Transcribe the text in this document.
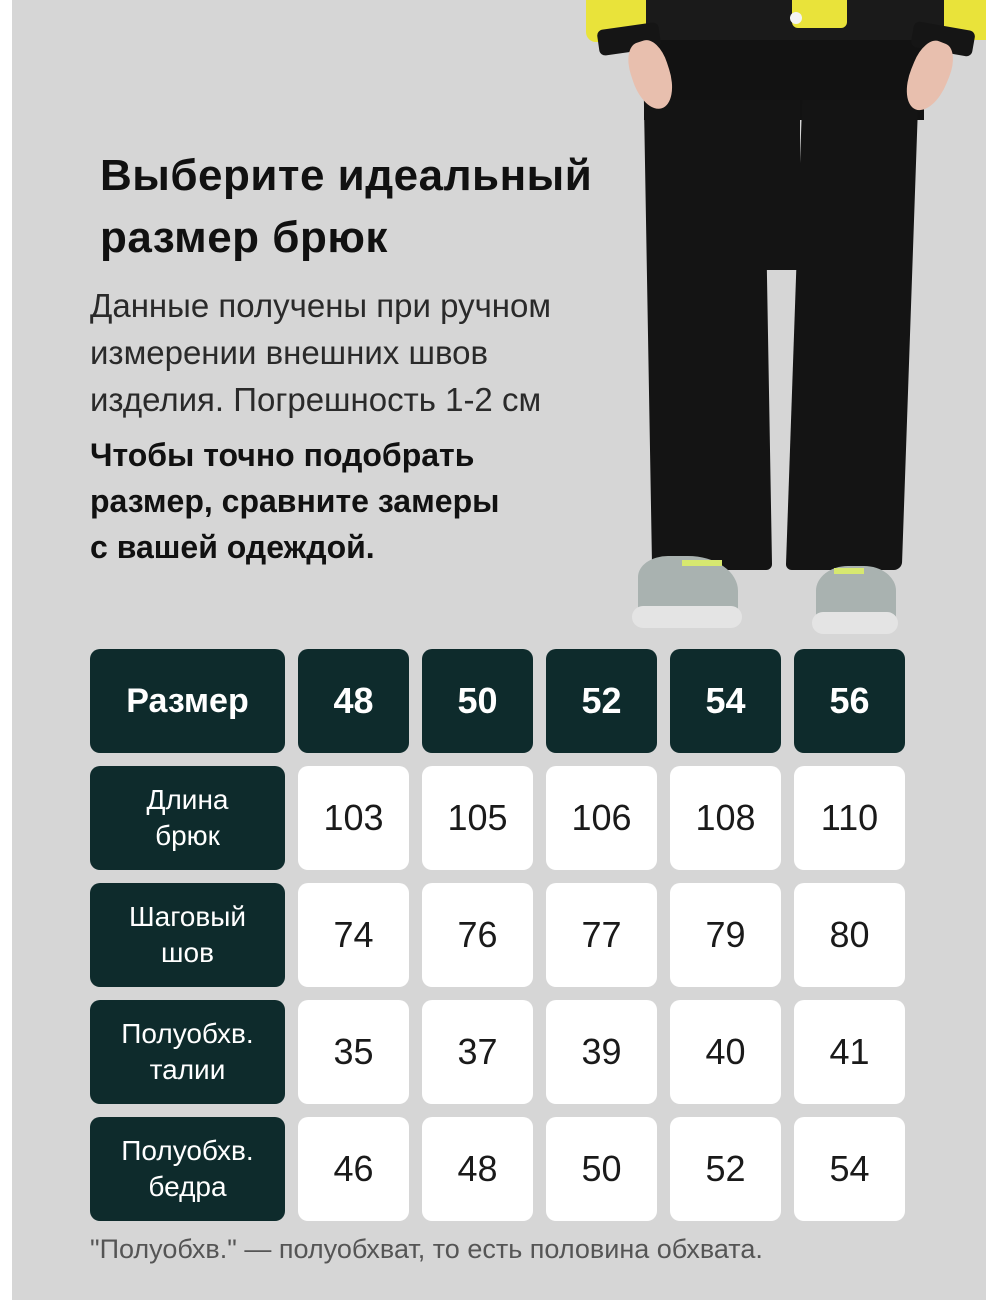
Выберите идеальный
размер брюк

Данные получены при ручном
измерении внешних швов
изделия. Погрешность 1-2 см

Чтобы точно подобрать
размер, сравните замеры
с вашей одеждой.

Размер	48	50	52	54	56
Длина
брюк	103	105	106	108	110
Шаговый
шов	74	76	77	79	80
Полуобхв.
талии	35	37	39	40	41
Полуобхв.
бедра	46	48	50	52	54

"Полуобхв." — полуобхват, то есть половина обхвата.
